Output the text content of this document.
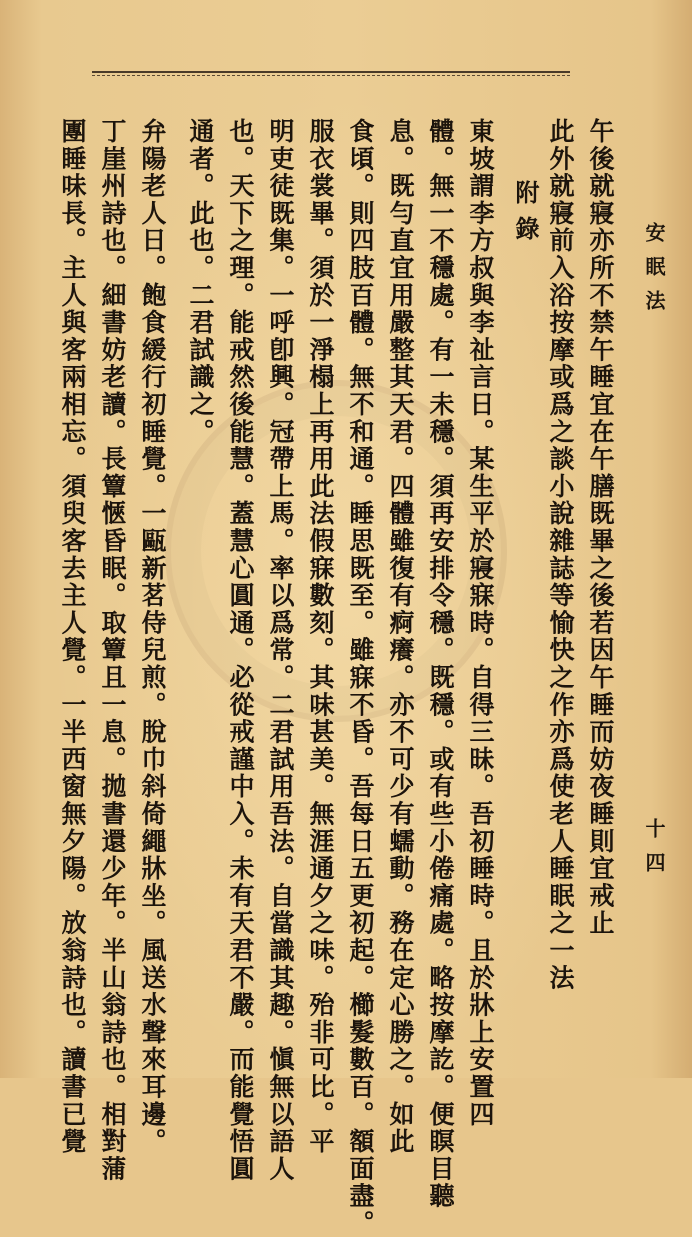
安眠法
十四
午後就寢亦所不禁午睡宜在午膳既畢之後若因午睡而妨夜睡則宜戒止
此外就寢前入浴按摩或爲之談小說雜誌等愉快之作亦爲使老人睡眠之一法
附錄
東坡謂李方叔與李祉言日。某生平於寢寐時。自得三昧。吾初睡時。且於牀上安置四
體。無一不穩處。有一未穩。須再安排令穩。既穩。或有些小倦痛處。略按摩訖。便瞑目聽
息。既勻直宜用嚴整其天君。四體雖復有痾癢。亦不可少有蠕動。務在定心勝之。如此
食頃。則四肢百體。無不和通。睡思既至。雖寐不昏。吾每日五更初起。櫛髮數百。額面盡。
服衣裳畢。須於一淨榻上再用此法假寐數刻。其味甚美。無涯通夕之味。殆非可比。平
明吏徒既集。一呼卽興。冠帶上馬。率以爲常。二君試用吾法。自當識其趣。愼無以語人
也。天下之理。能戒然後能慧。蓋慧心圓通。必從戒謹中入。未有天君不嚴。而能覺悟圓
通者。此也。二君試識之。
弁陽老人日。飽食緩行初睡覺。一甌新茗侍兒煎。脫巾斜倚繩牀坐。風送水聲來耳邊。
丁崖州詩也。細書妨老讀。長簟愜昏眠。取簟且一息。拋書還少年。半山翁詩也。相對蒲
團睡味長。主人與客兩相忘。須臾客去主人覺。一半西窗無夕陽。放翁詩也。讀書已覺
